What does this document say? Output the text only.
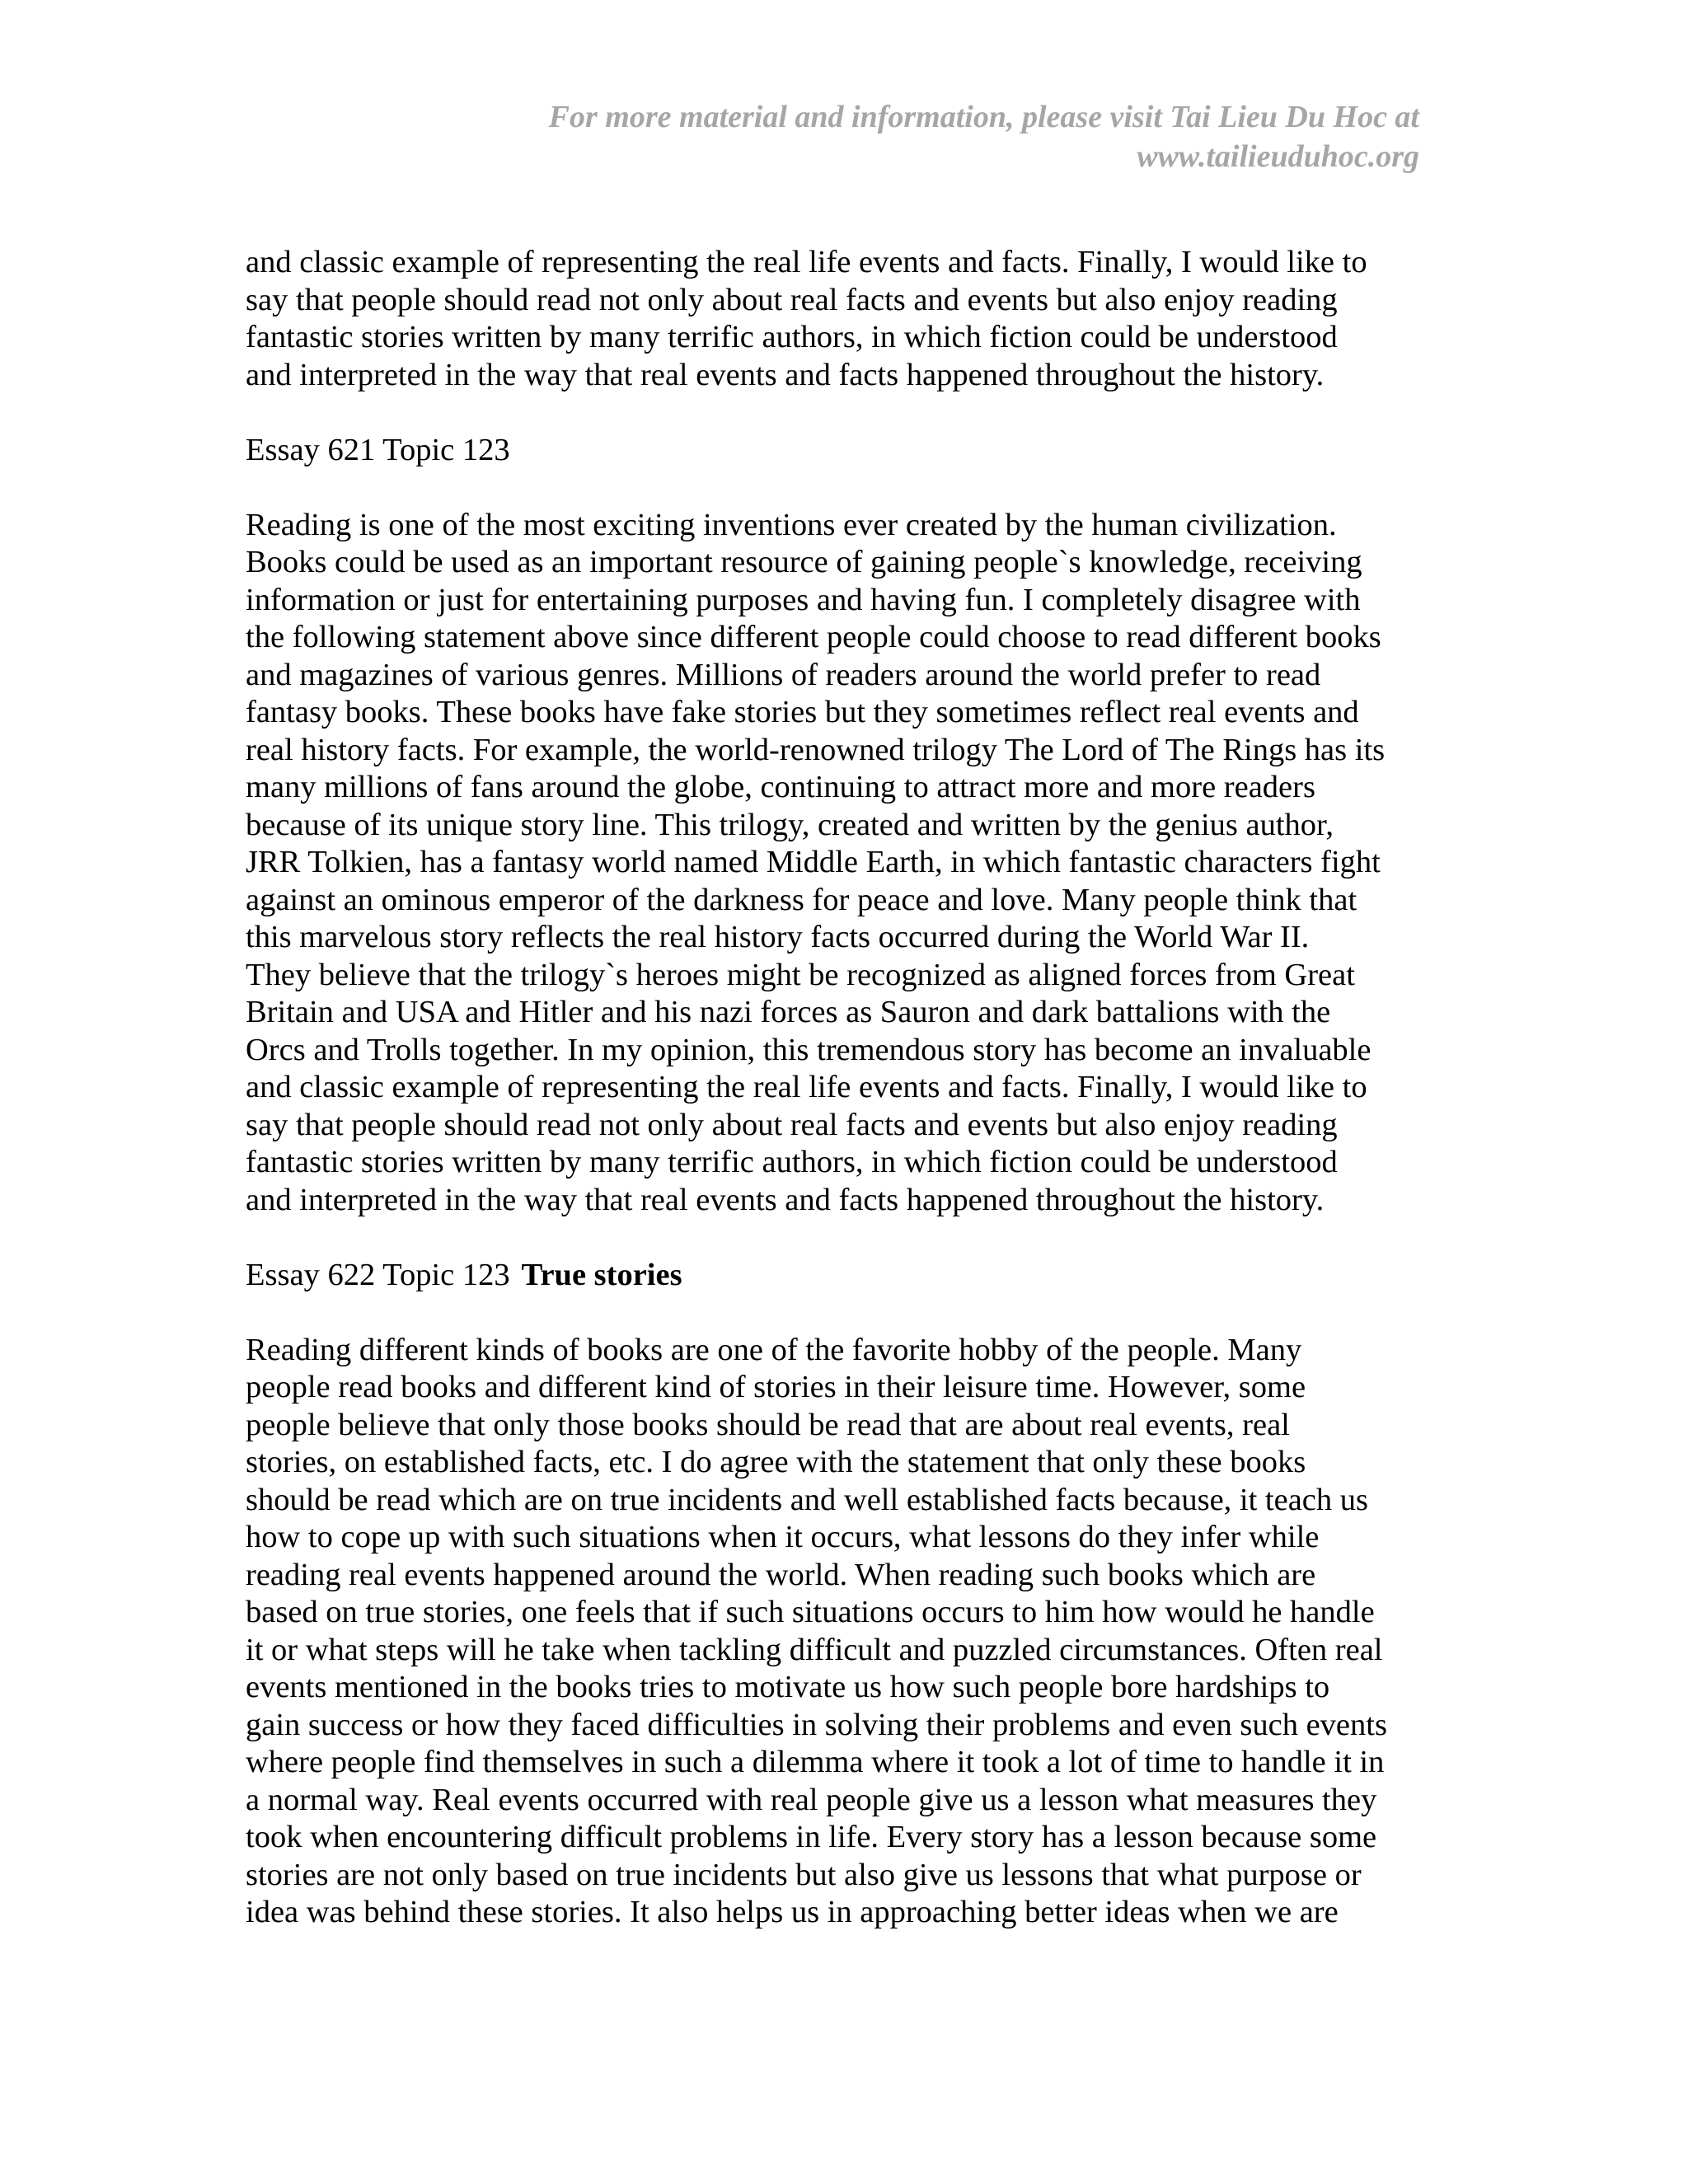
For more material and information, please visit Tai Lieu Du Hoc at
www.tailieuduhoc.org
and classic example of representing the real life events and facts. Finally, I would like to
say that people should read not only about real facts and events but also enjoy reading
fantastic stories written by many terrific authors, in which fiction could be understood
and interpreted in the way that real events and facts happened throughout the history.
Essay 621 Topic 123
Reading is one of the most exciting inventions ever created by the human civilization.
Books could be used as an important resource of gaining people`s knowledge, receiving
information or just for entertaining purposes and having fun. I completely disagree with
the following statement above since different people could choose to read different books
and magazines of various genres. Millions of readers around the world prefer to read
fantasy books. These books have fake stories but they sometimes reflect real events and
real history facts. For example, the world-renowned trilogy The Lord of The Rings has its
many millions of fans around the globe, continuing to attract more and more readers
because of its unique story line. This trilogy, created and written by the genius author,
JRR Tolkien, has a fantasy world named Middle Earth, in which fantastic characters fight
against an ominous emperor of the darkness for peace and love. Many people think that
this marvelous story reflects the real history facts occurred during the World War II.
They believe that the trilogy`s heroes might be recognized as aligned forces from Great
Britain and USA and Hitler and his nazi forces as Sauron and dark battalions with the
Orcs and Trolls together. In my opinion, this tremendous story has become an invaluable
and classic example of representing the real life events and facts. Finally, I would like to
say that people should read not only about real facts and events but also enjoy reading
fantastic stories written by many terrific authors, in which fiction could be understood
and interpreted in the way that real events and facts happened throughout the history.
Essay 622 Topic 123 True stories
Reading different kinds of books are one of the favorite hobby of the people. Many
people read books and different kind of stories in their leisure time. However, some
people believe that only those books should be read that are about real events, real
stories, on established facts, etc. I do agree with the statement that only these books
should be read which are on true incidents and well established facts because, it teach us
how to cope up with such situations when it occurs, what lessons do they infer while
reading real events happened around the world. When reading such books which are
based on true stories, one feels that if such situations occurs to him how would he handle
it or what steps will he take when tackling difficult and puzzled circumstances. Often real
events mentioned in the books tries to motivate us how such people bore hardships to
gain success or how they faced difficulties in solving their problems and even such events
where people find themselves in such a dilemma where it took a lot of time to handle it in
a normal way. Real events occurred with real people give us a lesson what measures they
took when encountering difficult problems in life. Every story has a lesson because some
stories are not only based on true incidents but also give us lessons that what purpose or
idea was behind these stories. It also helps us in approaching better ideas when we are
